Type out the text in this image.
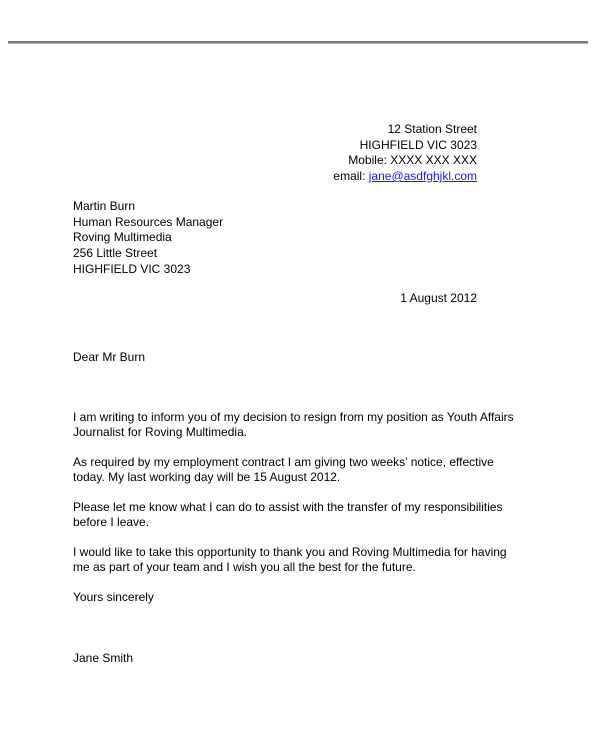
12 Station Street
HIGHFIELD VIC 3023
Mobile: XXXX XXX XXX
email: jane@asdfghjkl.com
Martin Burn
Human Resources Manager
Roving Multimedia
256 Little Street
HIGHFIELD VIC 3023
1 August 2012
Dear Mr Burn
I am writing to inform you of my decision to resign from my position as Youth Affairs
Journalist for Roving Multimedia.
As required by my employment contract I am giving two weeks’ notice, effective
today. My last working day will be 15 August 2012.
Please let me know what I can do to assist with the transfer of my responsibilities
before I leave.
I would like to take this opportunity to thank you and Roving Multimedia for having
me as part of your team and I wish you all the best for the future.
Yours sincerely
Jane Smith
